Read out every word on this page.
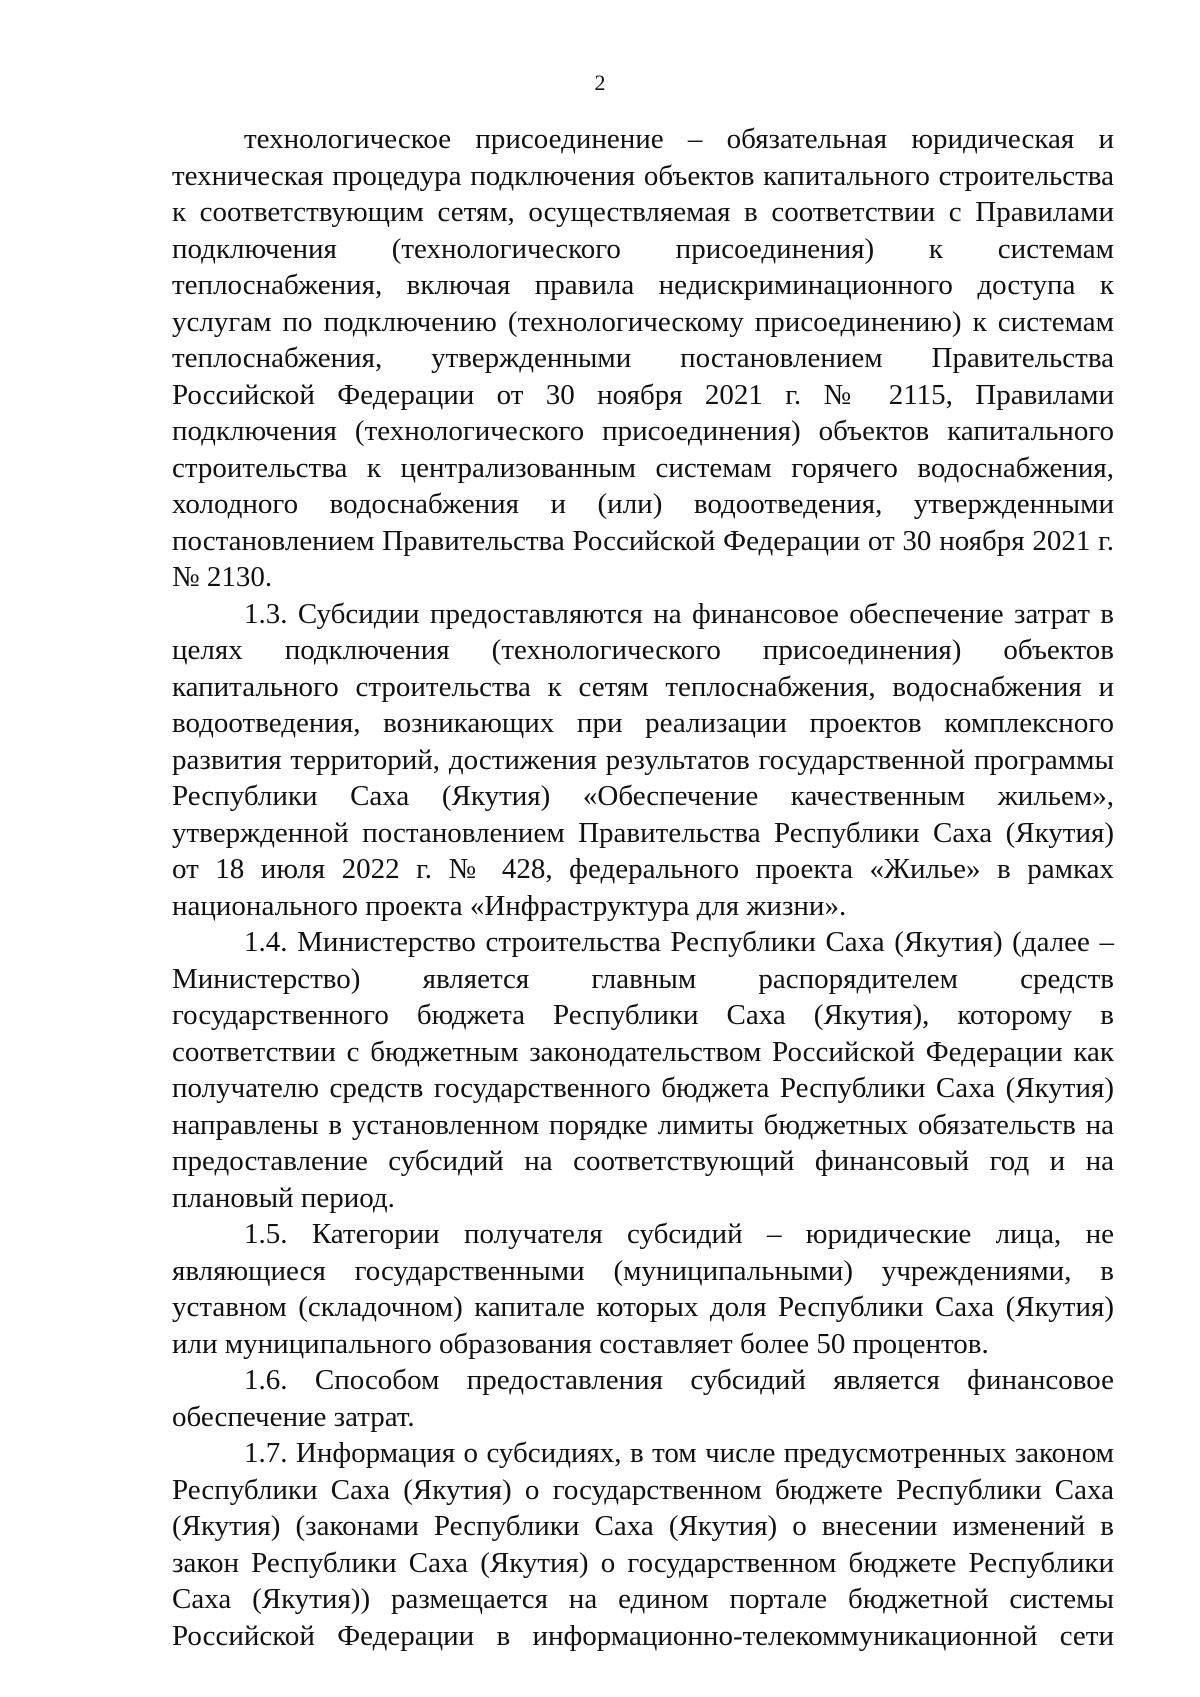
2

технологическое присоединение – обязательная юридическая и техническая процедура подключения объектов капитального строительства к соответствующим сетям, осуществляемая в соответствии с Правилами подключения (технологического присоединения) к системам теплоснабжения, включая правила недискриминационного доступа к услугам по подключению (технологическому присоединению) к системам теплоснабжения, утвержденными постановлением Правительства Российской Федерации от 30 ноября 2021 г. № 2115, Правилами подключения (технологического присоединения) объектов капитального строительства к централизованным системам горячего водоснабжения, холодного водоснабжения и (или) водоотведения, утвержденными постановлением Правительства Российской Федерации от 30 ноября 2021 г. № 2130.

1.3. Субсидии предоставляются на финансовое обеспечение затрат в целях подключения (технологического присоединения) объектов капитального строительства к сетям теплоснабжения, водоснабжения и водоотведения, возникающих при реализации проектов комплексного развития территорий, достижения результатов государственной программы Республики Саха (Якутия) «Обеспечение качественным жильем», утвержденной постановлением Правительства Республики Саха (Якутия) от 18 июля 2022 г. № 428, федерального проекта «Жилье» в рамках национального проекта «Инфраструктура для жизни».

1.4. Министерство строительства Республики Саха (Якутия) (далее – Министерство) является главным распорядителем средств государственного бюджета Республики Саха (Якутия), которому в соответствии с бюджетным законодательством Российской Федерации как получателю средств государственного бюджета Республики Саха (Якутия) направлены в установленном порядке лимиты бюджетных обязательств на предоставление субсидий на соответствующий финансовый год и на плановый период.

1.5. Категории получателя субсидий – юридические лица, не являющиеся государственными (муниципальными) учреждениями, в уставном (складочном) капитале которых доля Республики Саха (Якутия) или муниципального образования составляет более 50 процентов.

1.6. Способом предоставления субсидий является финансовое обеспечение затрат.

1.7. Информация о субсидиях, в том числе предусмотренных законом Республики Саха (Якутия) о государственном бюджете Республики Саха (Якутия) (законами Республики Саха (Якутия) о внесении изменений в закон Республики Саха (Якутия) о государственном бюджете Республики Саха (Якутия)) размещается на едином портале бюджетной системы Российской Федерации в информационно-телекоммуникационной сети
